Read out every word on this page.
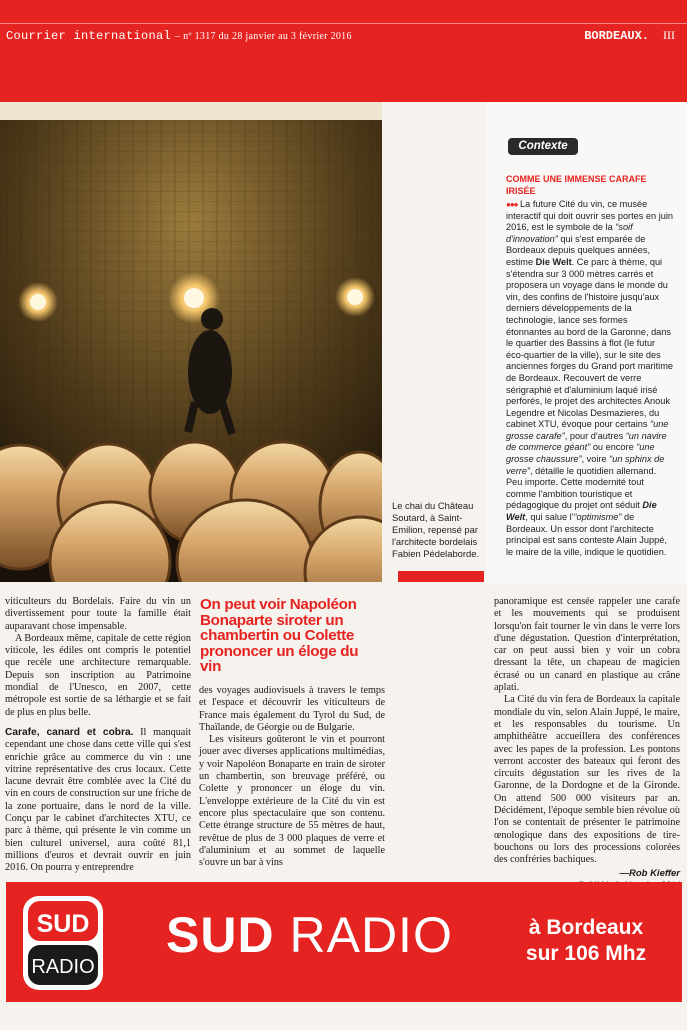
Courrier international – nº 1317 du 28 janvier au 3 février 2016	BORDEAUX. III
Le chai du Château Soutard, à Saint-Emilion, repensé par l'architecte bordelais Fabien Pédelaborde.
Contexte
COMME UNE IMMENSE CARAFE IRISÉE
●●● La future Cité du vin, ce musée interactif qui doit ouvrir ses portes en juin 2016, est le symbole de la “soif d'innovation” qui s'est emparée de Bordeaux depuis quelques années, estime Die Welt. Ce parc à thème, qui s'étendra sur 3 000 mètres carrés et proposera un voyage dans le monde du vin, des confins de l'histoire jusqu'aux derniers développements de la technologie, lance ses formes étonnantes au bord de la Garonne, dans le quartier des Bassins à flot (le futur éco-quartier de la ville), sur le site des anciennes forges du Grand port maritime de Bordeaux. Recouvert de verre sérigraphié et d'aluminium laqué irisé perforés, le projet des architectes Anouk Legendre et Nicolas Desmazieres, du cabinet XTU, évoque pour certains “une grosse carafe”, pour d'autres “un navire de commerce géant” ou encore “une grosse chaussure”, voire “un sphinx de verre”, détaille le quotidien allemand. Peu importe. Cette modernité tout comme l'ambition touristique et pédagogique du projet ont séduit Die Welt, qui salue l'“optimisme” de Bordeaux. Un essor dont l'architecte principal est sans conteste Alain Juppé, le maire de la ville, indique le quotidien.

viticulteurs du Bordelais. Faire du vin un divertissement pour toute la famille était auparavant chose impensable.

A Bordeaux même, capitale de cette région viticole, les édiles ont compris le potentiel que recèle une architecture remarquable. Depuis son inscription au Patrimoine mondial de l'Unesco, en 2007, cette métropole est sortie de sa léthargie et se fait de plus en plus belle.

Carafe, canard et cobra. Il manquait cependant une chose dans cette ville qui s'est enrichie grâce au commerce du vin : une vitrine représentative des crus locaux. Cette lacune devrait être comblée avec la Cité du vin en cours de construction sur une friche de la zone portuaire, dans le nord de la ville. Conçu par le cabinet d'architectes XTU, ce parc à thème, qui présente le vin comme un bien culturel universel, aura coûté 81,1 millions d'euros et devrait ouvrir en juin 2016. On pourra y entreprendre

On peut voir Napoléon Bonaparte siroter un chambertin ou Colette prononcer un éloge du vin

des voyages audiovisuels à travers le temps et l'espace et découvrir les viticulteurs de France mais également du Tyrol du Sud, de Thaïlande, de Géorgie ou de Bulgarie.

Les visiteurs goûteront le vin et pourront jouer avec diverses applications multimédias, y voir Napoléon Bonaparte en train de siroter un chambertin, son breuvage préféré, ou Colette y prononcer un éloge du vin. L'enveloppe extérieure de la Cité du vin est encore plus spectaculaire que son contenu. Cette étrange structure de 55 mètres de haut, revêtue de plus de 3 000 plaques de verre et d'aluminium et au sommet de laquelle s'ouvre un bar à vins

panoramique est censée rappeler une carafe et les mouvements qui se produisent lorsqu'on fait tourner le vin dans le verre lors d'une dégustation. Question d'interprétation, car on peut aussi bien y voir un cobra dressant la tête, un chapeau de magicien écrasé ou un canard en plastique au crâne aplati.

La Cité du vin fera de Bordeaux la capitale mondiale du vin, selon Alain Juppé, le maire, et les responsables du tourisme. Un amphithéâtre accueillera des conférences avec les papes de la profession. Les pontons verront accoster des bateaux qui feront des circuits dégustation sur les rives de la Garonne, de la Dordogne et de la Gironde. On attend 500 000 visiteurs par an. Décidément, l'époque semble bien révolue où l'on se contentait de présenter le patrimoine œnologique dans des expositions de tire-bouchons ou lors des processions colorées des confréries bachiques.

—Rob Kieffer
SUD
RADIO
SUD RADIO	à Bordeaux
sur 106 Mhz
